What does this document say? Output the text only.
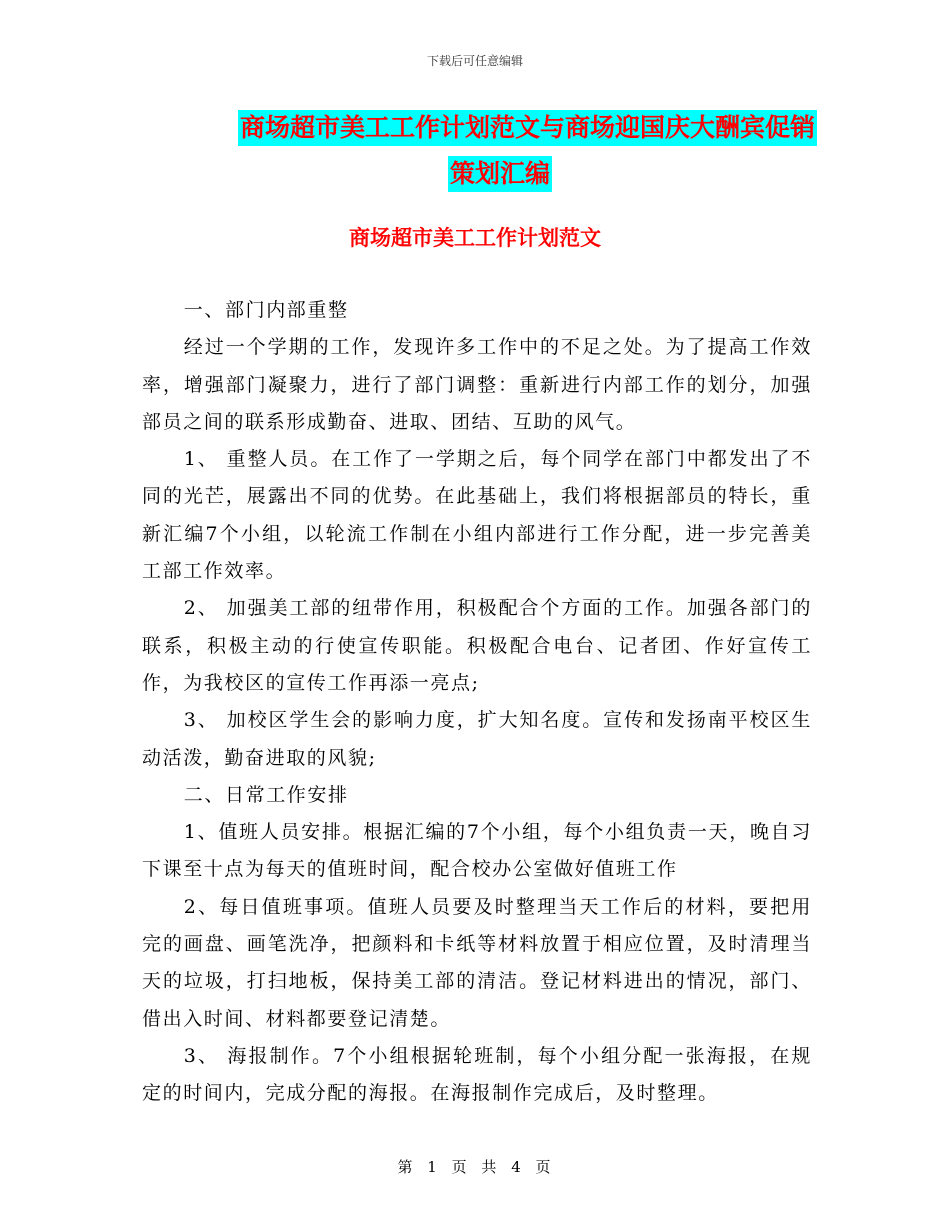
下载后可任意编辑
商场超市美工工作计划范文与商场迎国庆大酬宾促销
策划汇编
商场超市美工工作计划范文

一、部门内部重整

经过一个学期的工作，发现许多工作中的不足之处。为了提高工作效率，增强部门凝聚力，进行了部门调整：重新进行内部工作的划分，加强部员之间的联系形成勤奋、进取、团结、互助的风气。

1、 重整人员。在工作了一学期之后，每个同学在部门中都发出了不同的光芒，展露出不同的优势。在此基础上，我们将根据部员的特长，重新汇编7个小组，以轮流工作制在小组内部进行工作分配，进一步完善美工部工作效率。

2、 加强美工部的纽带作用，积极配合个方面的工作。加强各部门的联系，积极主动的行使宣传职能。积极配合电台、记者团、作好宣传工作，为我校区的宣传工作再添一亮点;

3、 加校区学生会的影响力度，扩大知名度。宣传和发扬南平校区生动活泼，勤奋进取的风貌;

二、日常工作安排

1、值班人员安排。根据汇编的7个小组，每个小组负责一天，晚自习下课至十点为每天的值班时间，配合校办公室做好值班工作

2、每日值班事项。值班人员要及时整理当天工作后的材料，要把用完的画盘、画笔洗净，把颜料和卡纸等材料放置于相应位置，及时清理当天的垃圾，打扫地板，保持美工部的清洁。登记材料进出的情况，部门、借出入时间、材料都要登记清楚。

3、 海报制作。7个小组根据轮班制，每个小组分配一张海报，在规定的时间内，完成分配的海报。在海报制作完成后，及时整理。

第 1 页 共 4 页
